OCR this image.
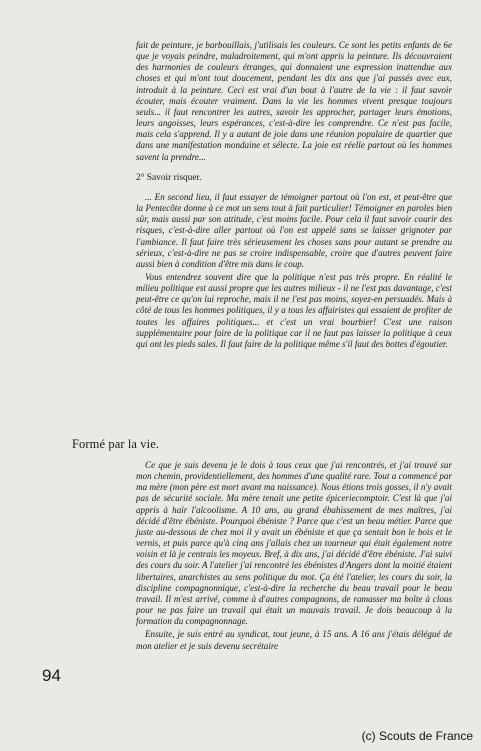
fait de peinture, je barbouillais, j'utilisais les couleurs. Ce sont les petits enfants de 6e que je voyais peindre, maladroitement, qui m'ont appris la peinture. Ils découvraient des harmonies de couleurs étranges, qui donnaient une expression inattendue aux choses et qui m'ont tout doucement, pendant les dix ans que j'ai passés avec eux, introduit à la peinture. Ceci est vrai d'un bout à l'autre de la vie : il faut savoir écouter, mais écouter vraiment. Dans la vie les hommes vivent presque toujours seuls... il faut rencontrer les autres, savoir les approcher, partager leurs émotions, leurs angoisses, leurs espérances, c'est-à-dire les comprendre. Ce n'est pas facile, mais cela s'apprend. Il y a autant de joie dans une réunion populaire de quartier que dans une manifestation mondaine et sélecte. La joie est réelle partout où les hommes savent la prendre...

2° Savoir risquer.

... En second lieu, il faut essayer de témoigner partout où l'on est, et peut-être que la Pentecôte donne à ce mot un sens tout à fait particulier! Témoigner en paroles bien sûr, mais aussi par son attitude, c'est moins facile. Pour cela il faut savoir courir des risques, c'est-à-dire aller partout où l'on est appelé sans se laisser grignoter par l'ambiance. Il faut faire très sérieusement les choses sans pour autant se prendre au sérieux, c'est-à-dire ne pas se croire indispensable, croire que d'autres peuvent faire aussi bien à condition d'être mis dans le coup.

Vous entendrez souvent dire que la politique n'est pas très propre. En réalité le milieu politique est aussi propre que les autres milieux - il ne l'est pas davantage, c'est peut-être ce qu'on lui reproche, mais il ne l'est pas moins, soyez-en persuadés. Mais à côté de tous les hommes politiques, il y a tous les affairistes qui essaient de profiter de toutes les affaires politiques... et c'est un vrai bourbier! C'est une raison supplémentaire pour faire de la politique car il ne faut pas laisser la politique à ceux qui ont les pieds sales. Il faut faire de la politique même s'il faut des bottes d'égoutier.

Formé par la vie.

Ce que je suis devenu je le dois à tous ceux que j'ai rencontrés, et j'ai trouvé sur mon chemin, providentiellement, des hommes d'une qualité rare. Tout a commencé par ma mère (mon père est mort avant ma naissance). Nous étions trois gosses, il n'y avait pas de sécurité sociale. Ma mère tenait une petite épiceriecomptoir. C'est là que j'ai appris à haïr l'alcoolisme. A 10 ans, au grand ébahissement de mes maîtres, j'ai décidé d'être ébéniste. Pourquoi ébéniste ? Parce que c'est un beau métier. Parce que juste au-dessous de chez moi il y avait un ébéniste et que ça sentait bon le bois et le vernis, et puis parce qu'à cinq ans j'allais chez un tourneur qui était également notre voisin et là je centrais les moyeux. Bref, à dix ans, j'ai décidé d'être ébéniste. J'ai suivi des cours du soir. A l'atelier j'ai rencontré les ébénistes d'Angers dont la moitié étaient libertaires, anarchistes au sens politique du mot. Ça été l'atelier, les cours du soir, la discipline compagnonnique, c'est-à-dire la recherche du beau travail pour le beau travail. Il m'est arrivé, comme à d'autres compagnons, de ramasser ma boîte à clous pour ne pas faire un travail qui était un mauvais travail. Je dois beaucoup à la formation du compagnonnage.

Ensuite, je suis entré au syndicat, tout jeune, à 15 ans. A 16 ans j'étais délégué de mon atelier et je suis devenu secrétaire

94
(c) Scouts de France
